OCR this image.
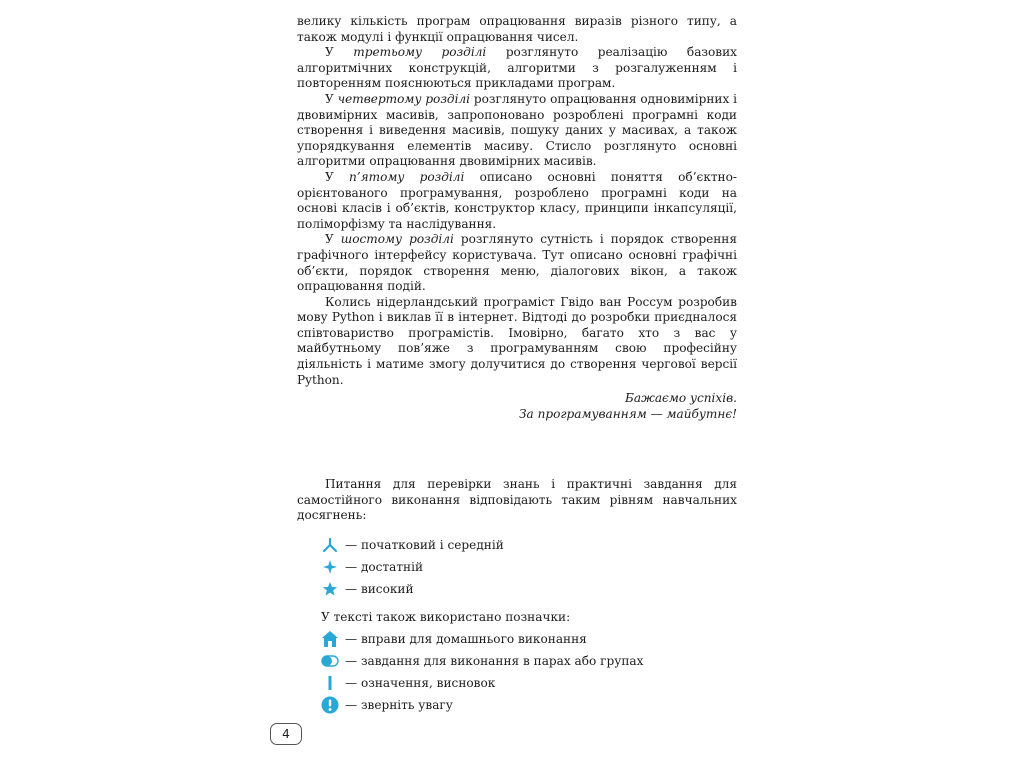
велику кількість програм опрацювання виразів різного типу, а також модулі і функції опрацювання чисел.

У третьому розділі розглянуто реалізацію базових алгоритмічних конструкцій, алгоритми з розгалуженням і повторенням пояснюються прикладами програм.

У четвертому розділі розглянуто опрацювання одновимірних і двовимірних масивів, запропоновано розроблені програмні коди створення і виведення масивів, пошуку даних у масивах, а також упорядкування елементів масиву. Стисло розглянуто основні алгоритми опрацювання двовимірних масивів.

У п’ятому розділі описано основні поняття об’єктно-орієнтованого програмування, розроблено програмні коди на основі класів і об’єктів, конструктор класу, принципи інкапсуляції, поліморфізму та наслідування.

У шостому розділі розглянуто сутність і порядок створення графічного інтерфейсу користувача. Тут описано основні графічні об’єкти, порядок створення меню, діалогових вікон, а також опрацювання подій.

Колись нідерландський програміст Гвідо ван Россум розробив мову Python і виклав її в інтернет. Відтоді до розробки приєдналося співтовариство програмістів. Імовірно, багато хто з вас у майбутньому пов’яже з програмуванням свою професійну діяльність і матиме змогу долучитися до створення чергової версії Python.

Бажаємо успіхів.
За програмуванням — майбутнє!

Питання для перевірки знань і практичні завдання для самостійного виконання відповідають таким рівням навчальних досягнень:

— початковий і середній
— достатній
— високий
У тексті також використано позначки:
— вправи для домашнього виконання
— завдання для виконання в парах або групах
— означення, висновок
— зверніть увагу
4
